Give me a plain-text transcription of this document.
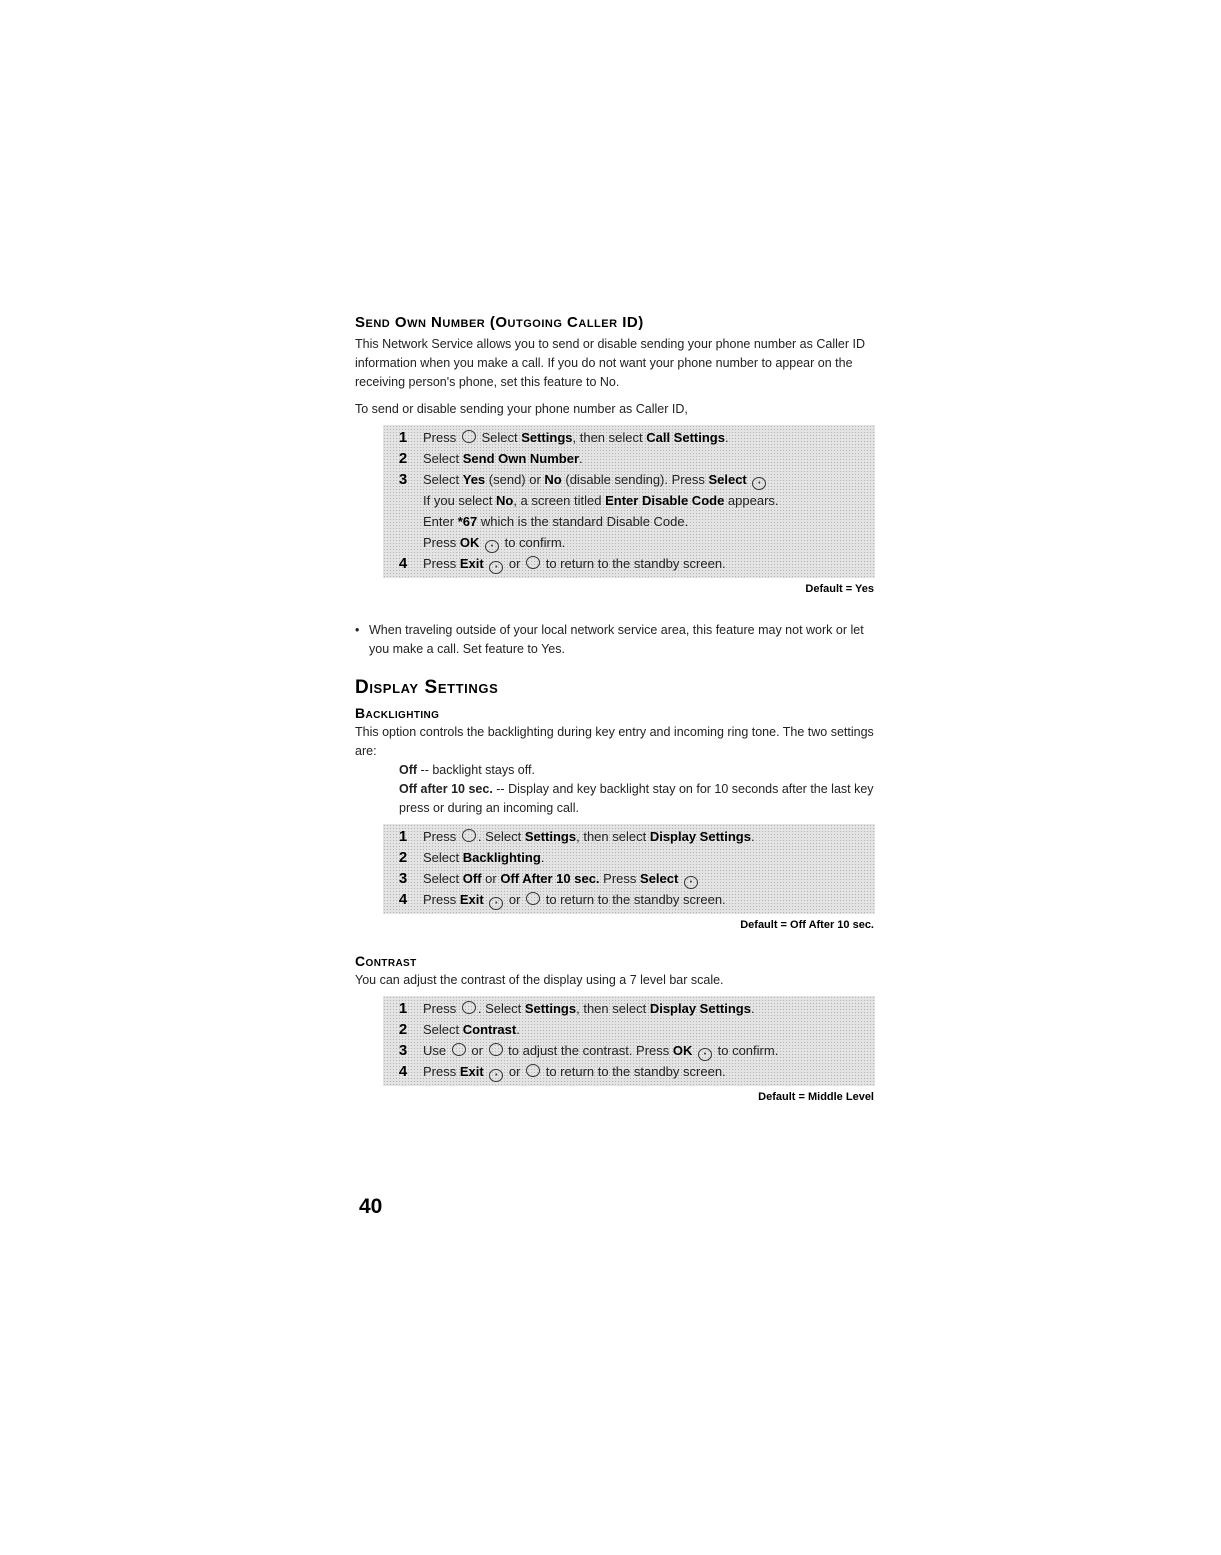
Send Own Number (Outgoing Caller ID)

This Network Service allows you to send or disable sending your phone number as Caller ID information when you make a call. If you do not want your phone number to appear on the receiving person's phone, set this feature to No.

To send or disable sending your phone number as Caller ID,

1	Press  Select Settings, then select Call Settings.
2	Select Send Own Number.
3	Select Yes (send) or No (disable sending). Press Select •
If you select No, a screen titled Enter Disable Code appears.
Enter *67 which is the standard Disable Code.
Press OK • to confirm.
4	Press Exit • or  to return to the standby screen.
Default = Yes
• When traveling outside of your local network service area, this feature may not work or let you make a call. Set feature to Yes.
Display Settings
Backlighting

This option controls the backlighting during key entry and incoming ring tone. The two settings are:

Off -- backlight stays off.
Off after 10 sec. -- Display and key backlight stay on for 10 seconds after the last key press or during an incoming call.
1	Press . Select Settings, then select Display Settings.
2	Select Backlighting.
3	Select Off or Off After 10 sec. Press Select •
4	Press Exit • or  to return to the standby screen.
Default = Off After 10 sec.
Contrast

You can adjust the contrast of the display using a 7 level bar scale.

1	Press . Select Settings, then select Display Settings.
2	Select Contrast.
3	Use  or  to adjust the contrast. Press OK • to confirm.
4	Press Exit • or  to return to the standby screen.
Default = Middle Level
40
